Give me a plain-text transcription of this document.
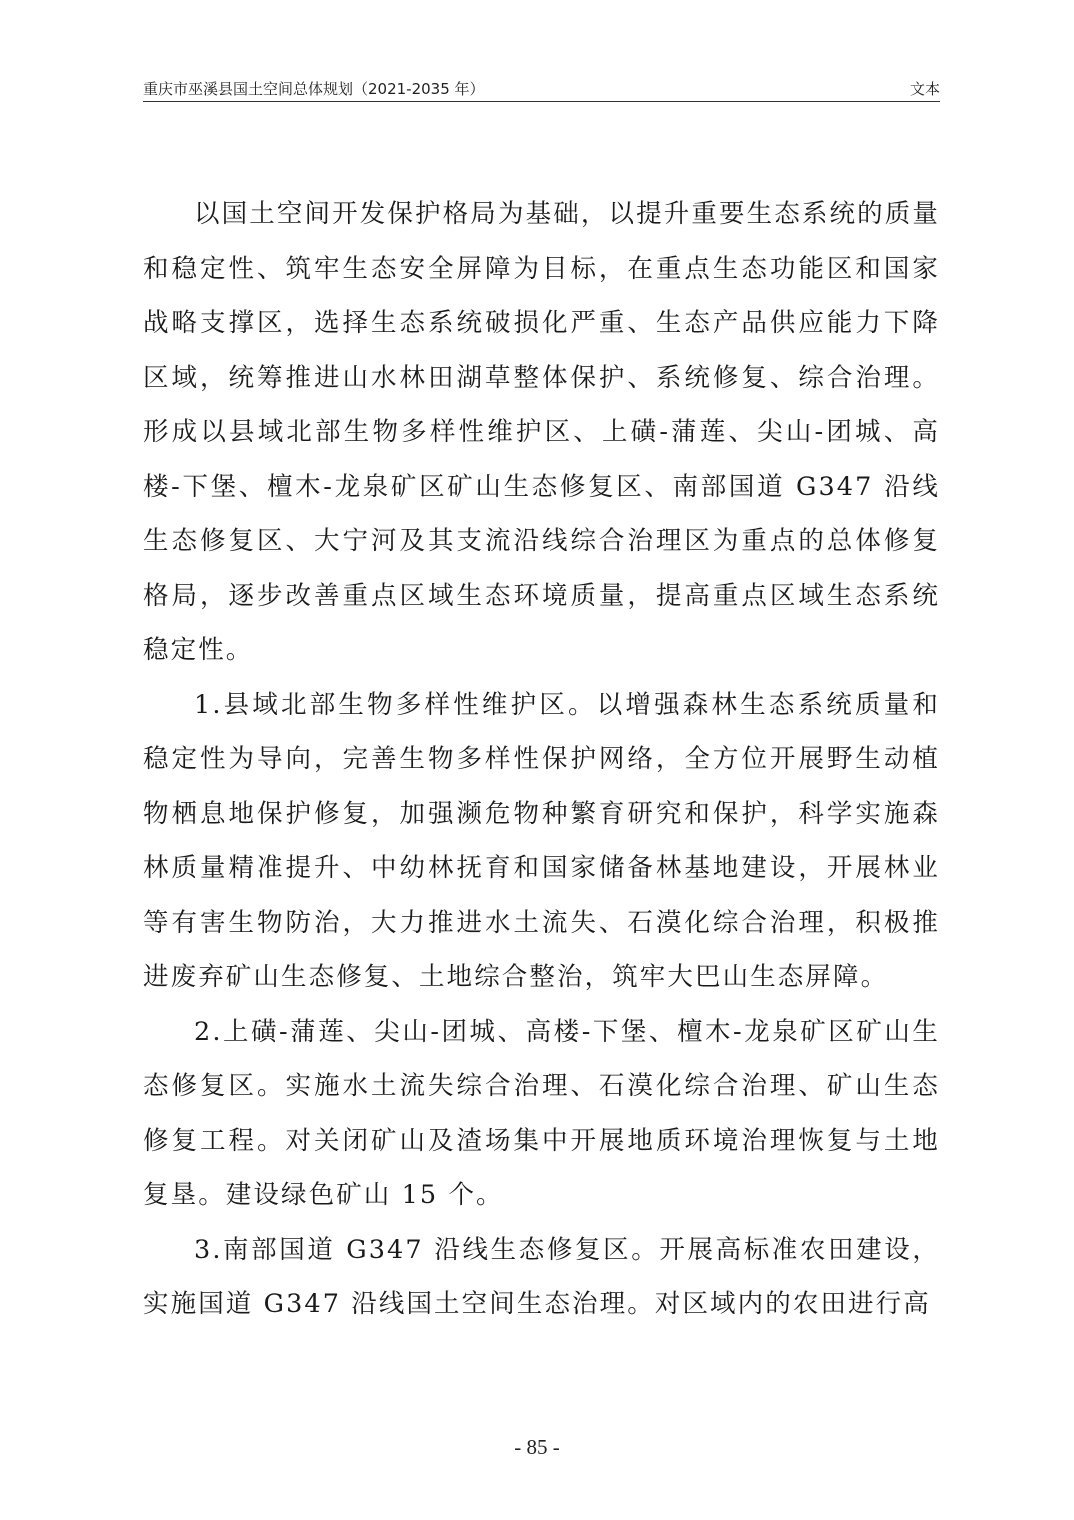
重庆市巫溪县国土空间总体规划（2021-2035 年）	文本

以国土空间开发保护格局为基础，以提升重要生态系统的质量和稳定性、筑牢生态安全屏障为目标，在重点生态功能区和国家战略支撑区，选择生态系统破损化严重、生态产品供应能力下降区域，统筹推进山水林田湖草整体保护、系统修复、综合治理。形成以县域北部生物多样性维护区、上磺-蒲莲、尖山-团城、高楼-下堡、檀木-龙泉矿区矿山生态修复区、南部国道 G347 沿线生态修复区、大宁河及其支流沿线综合治理区为重点的总体修复格局，逐步改善重点区域生态环境质量，提高重点区域生态系统稳定性。

1.县域北部生物多样性维护区。以增强森林生态系统质量和稳定性为导向，完善生物多样性保护网络，全方位开展野生动植物栖息地保护修复，加强濒危物种繁育研究和保护，科学实施森林质量精准提升、中幼林抚育和国家储备林基地建设，开展林业等有害生物防治，大力推进水土流失、石漠化综合治理，积极推进废弃矿山生态修复、土地综合整治，筑牢大巴山生态屏障。

2.上磺-蒲莲、尖山-团城、高楼-下堡、檀木-龙泉矿区矿山生态修复区。实施水土流失综合治理、石漠化综合治理、矿山生态修复工程。对关闭矿山及渣场集中开展地质环境治理恢复与土地复垦。建设绿色矿山 15 个。

3.南部国道 G347 沿线生态修复区。开展高标准农田建设，实施国道 G347 沿线国土空间生态治理。对区域内的农田进行高

- 85 -
